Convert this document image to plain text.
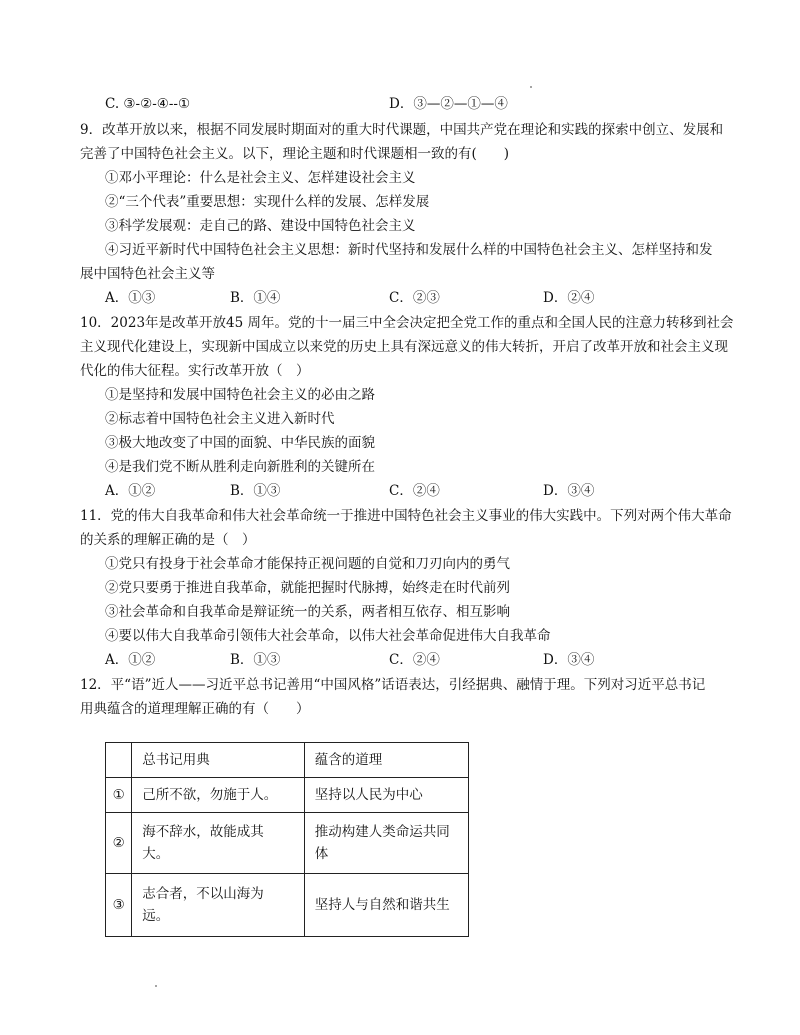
C. ③-②-④--①	D．③—②—①—④
9．改革开放以来，根据不同发展时期面对的重大时代课题，中国共产党在理论和实践的探索中创立、发展和
完善了中国特色社会主义。以下，理论主题和时代课题相一致的有(　　)
①邓小平理论：什么是社会主义、怎样建设社会主义
②“三个代表”重要思想：实现什么样的发展、怎样发展
③科学发展观：走自己的路、建设中国特色社会主义
④习近平新时代中国特色社会主义思想：新时代坚持和发展什么样的中国特色社会主义、怎样坚持和发
展中国特色社会主义等
A．①③	B．①④	C．②③	D．②④
10．2023年是改革开放45 周年。党的十一届三中全会决定把全党工作的重点和全国人民的注意力转移到社会
主义现代化建设上，实现新中国成立以来党的历史上具有深远意义的伟大转折，开启了改革开放和社会主义现
代化的伟大征程。实行改革开放（　）
①是坚持和发展中国特色社会主义的必由之路
②标志着中国特色社会主义进入新时代
③极大地改变了中国的面貌、中华民族的面貌
④是我们党不断从胜利走向新胜利的关键所在
A．①②	B．①③	C．②④	D．③④
11．党的伟大自我革命和伟大社会革命统一于推进中国特色社会主义事业的伟大实践中。下列对两个伟大革命
的关系的理解正确的是（　）
①党只有投身于社会革命才能保持正视问题的自觉和刀刃向内的勇气
②党只要勇于推进自我革命，就能把握时代脉搏，始终走在时代前列
③社会革命和自我革命是辩证统一的关系，两者相互依存、相互影响
④要以伟大自我革命引领伟大社会革命，以伟大社会革命促进伟大自我革命
A．①②	B．①③	C．②④	D．③④
12．平“语”近人——习近平总书记善用“中国风格”话语表达，引经据典、融情于理。下列对习近平总书记
用典蕴含的道理理解正确的有（　　）
	总书记用典	蕴含的道理
①	己所不欲，勿施于人。	坚持以人民为中心
②	海不辞水，故能成其
大。	推动构建人类命运共同体
③	志合者，不以山海为
远。	坚持人与自然和谐共生
